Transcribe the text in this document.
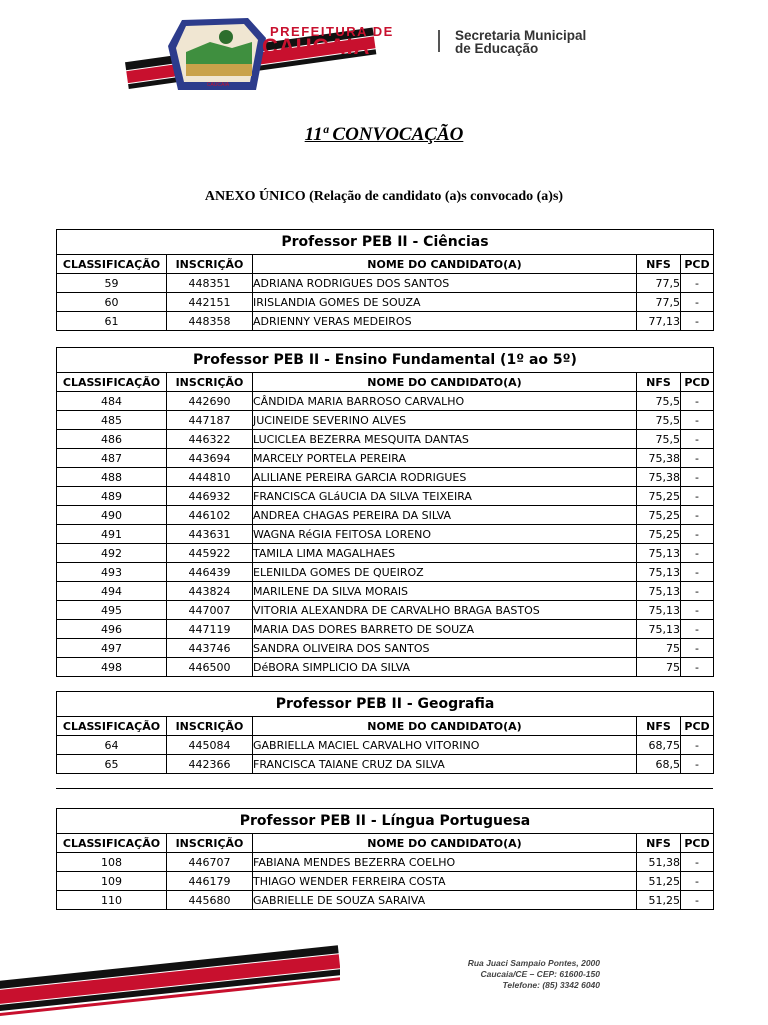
CAUCAIA
PREFEITURA DE
CAUCAIA	Secretaria Municipal
de Educação
11ª CONVOCAÇÃO
ANEXO ÚNICO (Relação de candidato (a)s convocado (a)s)
Professor PEB II - Ciências				
CLASSIFICAÇÃO	INSCRIÇÃO	NOME DO CANDIDATO(A)	NFS	PCD
59	448351	ADRIANA RODRIGUES DOS SANTOS	77,5	-
60	442151	IRISLANDIA GOMES DE SOUZA	77,5	-
61	448358	ADRIENNY VERAS MEDEIROS	77,13	-
Professor PEB II - Ensino Fundamental (1º ao 5º)				
CLASSIFICAÇÃO	INSCRIÇÃO	NOME DO CANDIDATO(A)	NFS	PCD
484	442690	CÂNDIDA MARIA BARROSO CARVALHO	75,5	-
485	447187	JUCINEIDE SEVERINO ALVES	75,5	-
486	446322	LUCICLEA BEZERRA MESQUITA DANTAS	75,5	-
487	443694	MARCELY PORTELA PEREIRA	75,38	-
488	444810	ALILIANE PEREIRA GARCIA RODRIGUES	75,38	-
489	446932	FRANCISCA GLáUCIA DA SILVA TEIXEIRA	75,25	-
490	446102	ANDREA CHAGAS PEREIRA DA SILVA	75,25	-
491	443631	WAGNA RéGIA FEITOSA LORENO	75,25	-
492	445922	TAMILA LIMA MAGALHAES	75,13	-
493	446439	ELENILDA GOMES DE QUEIROZ	75,13	-
494	443824	MARILENE DA SILVA MORAIS	75,13	-
495	447007	VITORIA ALEXANDRA DE CARVALHO BRAGA BASTOS	75,13	-
496	447119	MARIA DAS DORES BARRETO DE SOUZA	75,13	-
497	443746	SANDRA OLIVEIRA DOS SANTOS	75	-
498	446500	DéBORA SIMPLICIO DA SILVA	75	-
Professor PEB II - Geografia				
CLASSIFICAÇÃO	INSCRIÇÃO	NOME DO CANDIDATO(A)	NFS	PCD
64	445084	GABRIELLA MACIEL CARVALHO VITORINO	68,75	-
65	442366	FRANCISCA TAIANE CRUZ DA SILVA	68,5	-
Professor PEB II - Língua Portuguesa				
CLASSIFICAÇÃO	INSCRIÇÃO	NOME DO CANDIDATO(A)	NFS	PCD
108	446707	FABIANA MENDES BEZERRA COELHO	51,38	-
109	446179	THIAGO WENDER FERREIRA COSTA	51,25	-
110	445680	GABRIELLE DE SOUZA SARAIVA	51,25	-
Rua Juaci Sampaio Pontes, 2000
Caucaia/CE – CEP: 61600-150
Telefone: (85) 3342 6040
